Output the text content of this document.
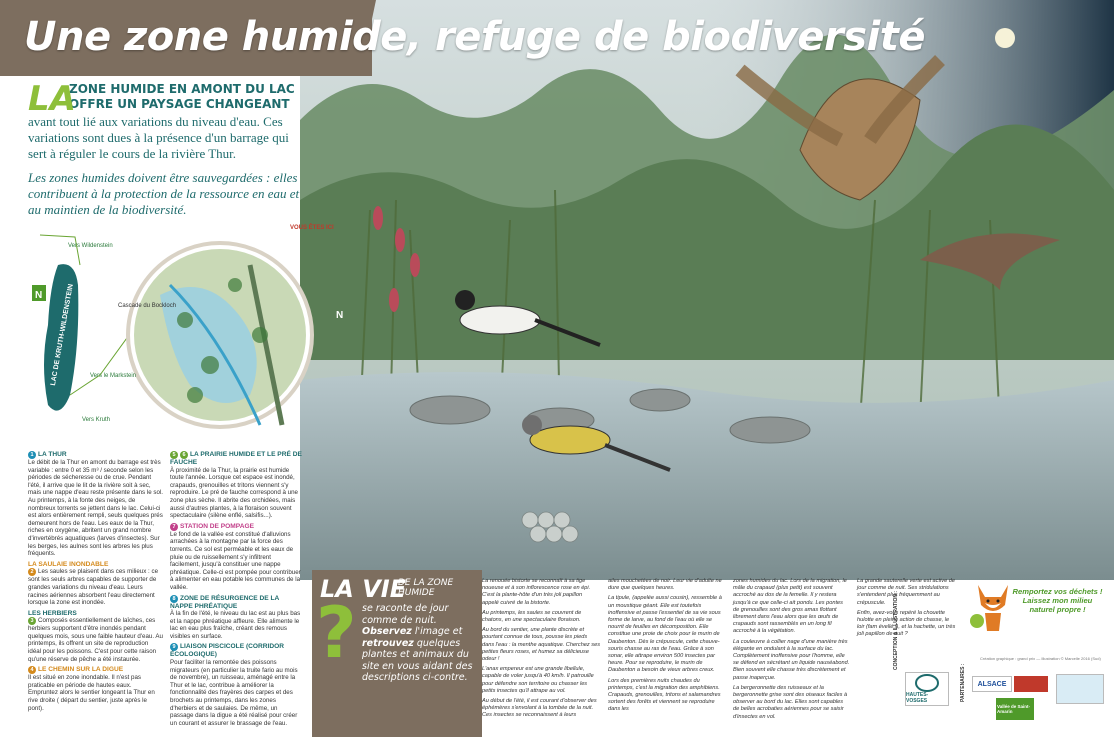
Une zone humide, refuge de biodiversité
LA
ZONE HUMIDE EN AMONT DU LAC OFFRE UN PAYSAGE CHANGEANT

avant tout lié aux variations du niveau d'eau. Ces variations sont dues à la présence d'un barrage qui sert à réguler le cours de la rivière Thur.

Les zones humides doivent être sauvegardées : elles contribuent à la protection de la ressource en eau et au maintien de la biodiversité.

Vers Wildenstein
LAC DE KRUTH-WILDENSTEIN	Vers le Markstein
Vers Kruth
Cascade du Bockloch
VOUS ÊTES ICI
N
N
1 LA THUR

Le débit de la Thur en amont du barrage est très variable : entre 0 et 35 m³ / seconde selon les périodes de sécheresse ou de crue. Pendant l'été, il arrive que le lit de la rivière soit à sec, mais une nappe d'eau reste présente dans le sol. Au printemps, à la fonte des neiges, de nombreux torrents se jettent dans le lac. Celui-ci est alors entièrement rempli, seuls quelques prés demeurent hors de l'eau. Les eaux de la Thur, riches en oxygène, abritent un grand nombre d'invertébrés aquatiques (larves d'insectes). Sur les berges, les aulnes sont les arbres les plus fréquents.

LA SAULAIE INONDABLE

2 Les saules se plaisent dans ces milieux : ce sont les seuls arbres capables de supporter de grandes variations du niveau d'eau. Leurs racines aériennes absorbent l'eau directement lorsque la zone est inondée.

LES HERBIERS

3 Composés essentiellement de laîches, ces herbiers supportent d'être inondés pendant quelques mois, sous une faible hauteur d'eau. Au printemps, ils offrent un site de reproduction idéal pour les poissons. C'est pour cette raison qu'une réserve de pêche a été instaurée.

4 LE CHEMIN SUR LA DIGUE

Il est situé en zone inondable. Il n'est pas praticable en période de hautes eaux. Empruntez alors le sentier longeant la Thur en rive droite ( départ du sentier, juste après le pont).

5 6 LA PRAIRIE HUMIDE ET LE PRÉ DE FAUCHE

À proximité de la Thur, la prairie est humide toute l'année. Lorsque cet espace est inondé, crapauds, grenouilles et tritons viennent s'y reproduire. Le pré de fauche correspond à une zone plus sèche. Il abrite des orchidées, mais aussi d'autres plantes, à la floraison souvent spectaculaire (silène enflé, salsifis...).

7 STATION DE POMPAGE

Le fond de la vallée est constitué d'alluvions arrachées à la montagne par la force des torrents. Ce sol est perméable et les eaux de pluie ou de ruissellement s'y infiltrent facilement, jusqu'à constituer une nappe phréatique. Celle-ci est pompée pour contribuer à alimenter en eau potable les communes de la vallée.

8 ZONE DE RÉSURGENCE DE LA NAPPE PHRÉATIQUE

À la fin de l'été, le niveau du lac est au plus bas et la nappe phréatique affleure. Elle alimente le lac en eau plus fraîche, créant des remous visibles en surface.

9 LIAISON PISCICOLE (CORRIDOR ÉCOLOGIQUE)

Pour faciliter la remontée des poissons migrateurs (en particulier la truite fario au mois de novembre), un ruisseau, aménagé entre la Thur et le lac, contribue à améliorer la fonctionnalité des frayères des carpes et des brochets au printemps, dans les zones d'herbiers et de saulaies. De même, un passage dans la digue a été réalisé pour créer un courant et assurer le brassage de l'eau.

LA VIE
DE LA ZONE HUMIDE
? se raconte de jour comme de nuit. Observez l'image et retrouvez quelques plantes et animaux du site en vous aidant des descriptions ci-contre.

La renouée bistorte se reconnaît à sa tige noueuse et à son inflorescence rose en épi. C'est la plante-hôte d'un très joli papillon appelé cuivré de la bistorte.

Au printemps, les saules se couvrent de chatons, en une spectaculaire floraison.

Au bord du sentier, une plante discrète et pourtant connue de tous, pousse les pieds dans l'eau : la menthe aquatique. Cherchez ses petites fleurs roses, et humez sa délicieuse odeur !

L'anax empereur est une grande libellule, capable de voler jusqu'à 40 km/h. Il patrouille pour défendre son territoire ou chasser les petits insectes qu'il attrape au vol.

Au début de l'été, il est courant d'observer des éphémères s'envolant à la tombée de la nuit. Ces insectes se reconnaissent à leurs

ailes mouchetées de noir. Leur vie d'adulte ne dure que quelques heures.

La tipule, (appelée aussi cousin), ressemble à un moustique géant. Elle est toutefois inoffensive et passe l'essentiel de sa vie sous forme de larve, au fond de l'eau où elle se nourrit de feuilles en décomposition. Elle constitue une proie de choix pour le murin de Daubenton. Dès le crépuscule, cette chauve-souris chasse au ras de l'eau. Grâce à son sonar, elle attrape environ 500 insectes par heure. Pour se reproduire, le murin de Daubenton a besoin de vieux arbres creux.

Lors des premières nuits chaudes du printemps, c'est la migration des amphibiens. Crapauds, grenouilles, tritons et salamandres sortent des forêts et viennent se reproduire dans les

zones humides du lac. Lors de la migration, le mâle du crapaud (plus petit) est souvent accroché au dos de la femelle. Il y restera jusqu'à ce que celle-ci ait pondu. Les pontes de grenouilles sont des gros amas flottant librement dans l'eau alors que les œufs de crapauds sont rassemblés en un long fil accroché à la végétation.

La couleuvre à collier nage d'une manière très élégante en ondulant à la surface du lac. Complètement inoffensive pour l'homme, elle se défend en sécrétant un liquide nauséabond. Bien souvent elle chasse très discrètement et passe inaperçue.

La bergeronnette des ruisseaux et la bergeronnette grise sont des oiseaux faciles à observer au bord du lac. Elles sont capables de belles acrobaties aériennes pour se saisir d'insectes en vol.

La grande sauterelle verte est active de jour comme de nuit. Ses stridulations s'entendent plus fréquemment au crépuscule.

Enfin, avez-vous repéré la chouette hulotte en pleine action de chasse, le loir (fam évellé !), et la hachette, un très joli papillon de nuit ?

Remportez vos déchets ! Laissez mon milieu naturel propre !
Création graphique : grand prix — Illustration © Marcelle 2016 (Sud)
CONCEPTION & ILLUSTRATION :
PARTENAIRES :
HAUTES-VOSGES
ALSACE
Vallée de Saint-Amarin
